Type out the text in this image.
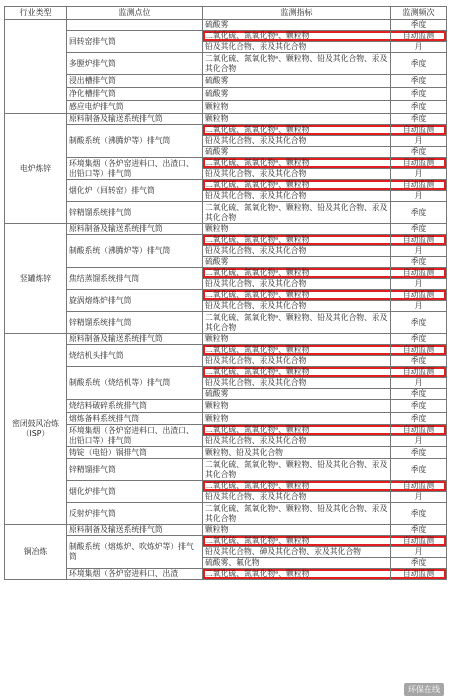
行业类型	监测点位	监测指标	监测频次
		硫酸雾	季度
	回转窑排气筒	二氧化硫、氮氧化物ᵃ、颗粒物	自动监测
		铅及其化合物、汞及其化合物	月
	多膛炉排气筒	二氧化硫、氮氧化物ᵃ、颗粒物、铅及其化合物、汞及其化合物	季度
	浸出槽排气筒	硫酸雾	季度
	净化槽排气筒	硫酸雾	季度
	感应电炉排气筒	颗粒物	季度
电炉炼锌	原料制备及输送系统排气筒	颗粒物	季度
	制酸系统（沸腾炉等）排气筒	二氧化硫、氮氧化物ᵃ、颗粒物	自动监测
		铅及其化合物、汞及其化合物	月
		硫酸雾	季度
	环境集烟（各炉窑进料口、出渣口、出铅口等）排气筒	二氧化硫、氮氧化物ᵃ、颗粒物	自动监测
		铅及其化合物、汞及其化合物	月
	烟化炉（回转窑）排气筒	二氧化硫、氮氧化物ᵃ、颗粒物	自动监测
		铅及其化合物、汞及其化合物	月
	锌精馏系统排气筒	二氧化硫、氮氧化物ᵃ、颗粒物、铅及其化合物、汞及其化合物	季度
竖罐炼锌	原料制备及输送系统排气筒	颗粒物	季度
	制酸系统（沸腾炉等）排气筒	二氧化硫、氮氧化物ᵃ、颗粒物	自动监测
		铅及其化合物、汞及其化合物	月
		硫酸雾	季度
	焦结蒸馏系统排气筒	二氧化硫、氮氧化物ᵃ、颗粒物	自动监测
		铅及其化合物、汞及其化合物	月
	旋涡熔炼炉排气筒	二氧化硫、氮氧化物ᵃ、颗粒物	自动监测
		铅及其化合物、汞及其化合物	月
	锌精馏系统排气筒	二氧化硫、氮氧化物ᵃ、颗粒物、铅及其化合物、汞及其化合物	季度
密闭鼓风冶炼（ISP）	原料制备及输送系统排气筒	颗粒物	季度
	烧结机头排气筒	二氧化硫、氮氧化物ᵃ、颗粒物	自动监测
		铅及其化合物、汞及其化合物	季度
	制酸系统（烧结机等）排气筒	二氧化硫、氮氧化物ᵃ、颗粒物	自动监测
		铅及其化合物、汞及其化合物	月
		硫酸雾	季度
	烧结料破碎系统排气筒	颗粒物	季度
	熔炼备料系统排气筒	颗粒物	季度
	环境集烟（各炉窑进料口、出渣口、出铅口等）排气筒	二氧化硫、氮氧化物ᵃ、颗粒物	自动监测
		铅及其化合物、汞及其化合物	月
	铸锭（电铅）锅排气筒	颗粒物、铅及其化合物	季度
	锌精馏排气筒	二氧化硫、氮氧化物ᵃ、颗粒物、铅及其化合物、汞及其化合物	季度
	烟化炉排气筒	二氧化硫、氮氧化物ᵃ、颗粒物	自动监测
		铅及其化合物、汞及其化合物	月
	反射炉排气筒	二氧化硫、氮氧化物ᵃ、颗粒物、铅及其化合物、汞及其化合物	季度
铜冶炼	原料制备及输送系统排气筒	颗粒物	季度
	制酸系统（熔炼炉、吹炼炉等）排气筒	二氧化硫、氮氧化物ᵃ、颗粒物	自动监测
		铅及其化合物、砷及其化合物、汞及其化合物	月
		硫酸雾、氟化物	季度
	环境集烟（各炉窑进料口、出渣	二氧化硫、氮氧化物ᵃ、颗粒物	自动监测
环保在线
